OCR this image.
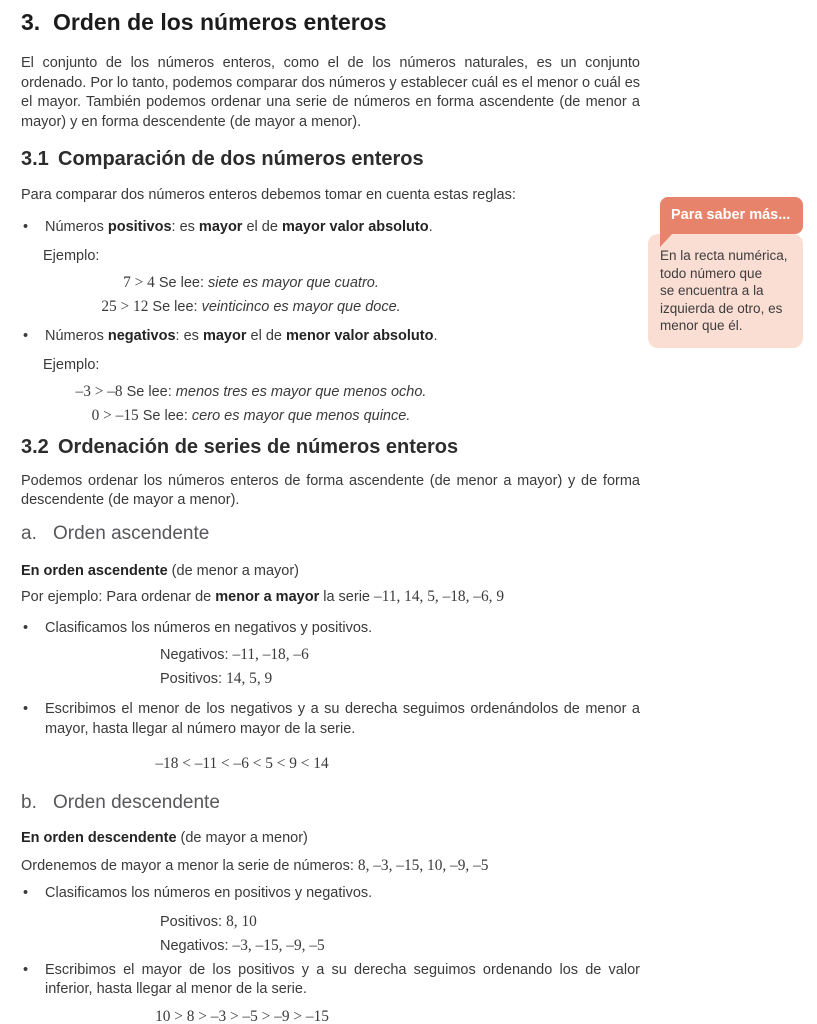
3. Orden de los números enteros

El conjunto de los números enteros, como el de los números naturales, es un conjunto ordenado. Por lo tanto, podemos comparar dos números y establecer cuál es el menor o cuál es el mayor. También podemos ordenar una serie de números en forma ascendente (de menor a mayor) y en forma descendente (de mayor a menor).

3.1 Comparación de dos números enteros

Para comparar dos números enteros debemos tomar en cuenta estas reglas:

•	Números positivos: es mayor el de mayor valor absoluto.

Ejemplo:

7 > 4 Se lee: siete es mayor que cuatro.
25 > 12 Se lee: veinticinco es mayor que doce.
•	Números negativos: es mayor el de menor valor absoluto.

Ejemplo:

–3 > –8 Se lee: menos tres es mayor que menos ocho.
0 > –15 Se lee: cero es mayor que menos quince.
3.2 Ordenación de series de números enteros

Podemos ordenar los números enteros de forma ascendente (de menor a mayor) y de forma descendente (de mayor a menor).

a. Orden ascendente

En orden ascendente (de menor a mayor)

Por ejemplo: Para ordenar de menor a mayor la serie –11, 14, 5, –18, –6, 9

•	Clasificamos los números en negativos y positivos.
Negativos: –11, –18, –6
Positivos: 14, 5, 9
•	Escribimos el menor de los negativos y a su derecha seguimos ordenándolos de menor a mayor, hasta llegar al número mayor de la serie.
–18 < –11 < –6 < 5 < 9 < 14
b. Orden descendente

En orden descendente (de mayor a menor)

Ordenemos de mayor a menor la serie de números: 8, –3, –15, 10, –9, –5

•	Clasificamos los números en positivos y negativos.
Positivos: 8, 10
Negativos: –3, –15, –9, –5
•	Escribimos el mayor de los positivos y a su derecha seguimos ordenando los de valor inferior, hasta llegar al menor de la serie.
10 > 8 > –3 > –5 > –9 > –15
Para saber más...
En la recta numérica,
todo número que
se encuentra a la
izquierda de otro, es
menor que él.
